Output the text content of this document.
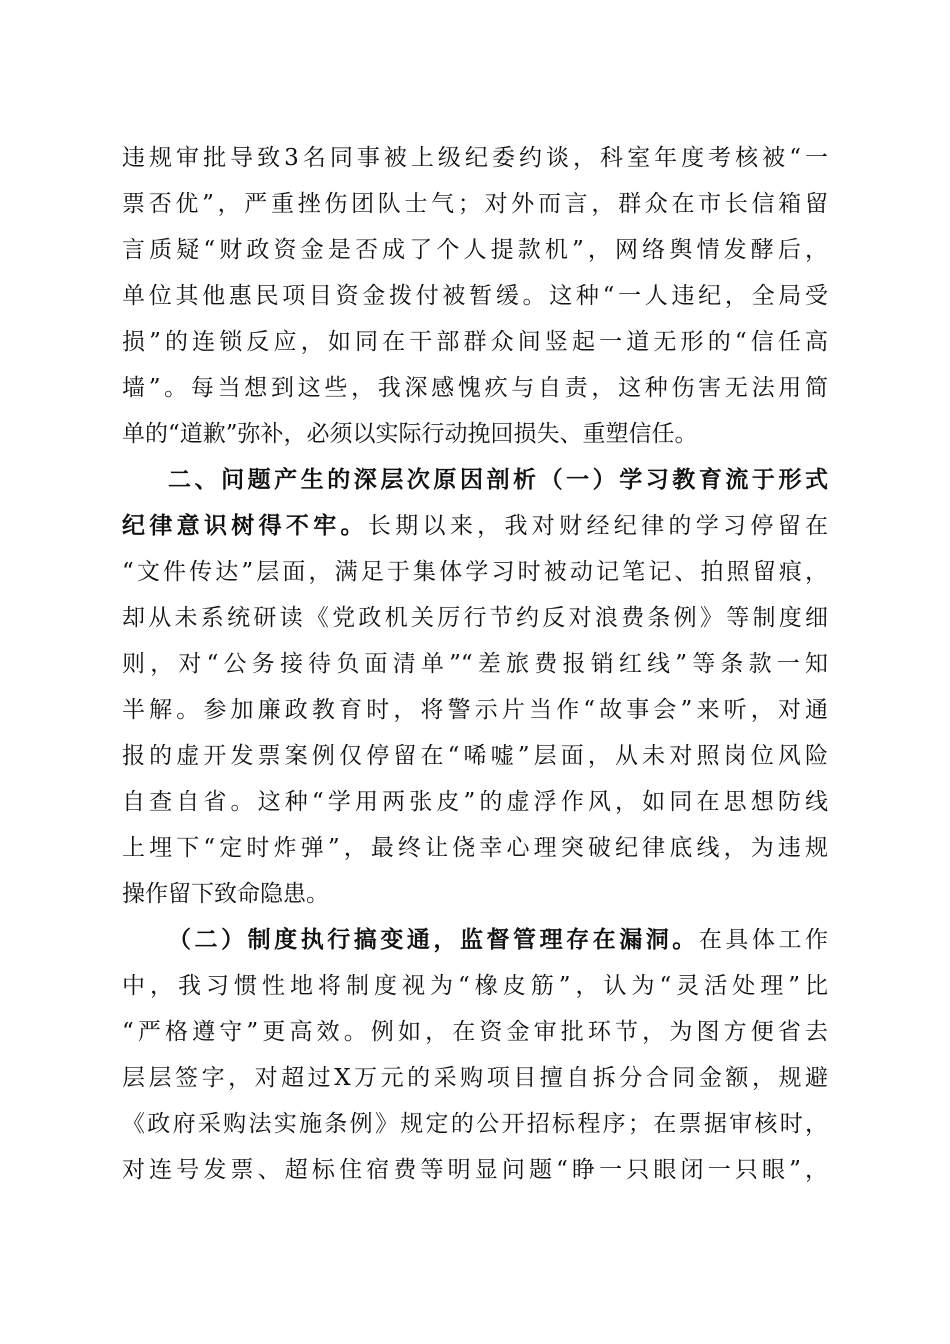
违规审批导致3名同事被上级纪委约谈，科室年度考核被“一
票否优”，严重挫伤团队士气；对外而言，群众在市长信箱留
言质疑“财政资金是否成了个人提款机”，网络舆情发酵后，
单位其他惠民项目资金拨付被暂缓。这种“一人违纪，全局受
损”的连锁反应，如同在干部群众间竖起一道无形的“信任高
墙”。每当想到这些，我深感愧疚与自责，这种伤害无法用简
单的“道歉”弥补，必须以实际行动挽回损失、重塑信任。
二、问题产生的深层次原因剖析（一）学习教育流于形式
纪律意识树得不牢。长期以来，我对财经纪律的学习停留在
“文件传达”层面，满足于集体学习时被动记笔记、拍照留痕，
却从未系统研读《党政机关厉行节约反对浪费条例》等制度细
则，对“公务接待负面清单”“差旅费报销红线”等条款一知
半解。参加廉政教育时，将警示片当作“故事会”来听，对通
报的虚开发票案例仅停留在“唏嘘”层面，从未对照岗位风险
自查自省。这种“学用两张皮”的虚浮作风，如同在思想防线
上埋下“定时炸弹”，最终让侥幸心理突破纪律底线，为违规
操作留下致命隐患。
（二）制度执行搞变通，监督管理存在漏洞。在具体工作
中，我习惯性地将制度视为“橡皮筋”，认为“灵活处理”比
“严格遵守”更高效。例如，在资金审批环节，为图方便省去
层层签字，对超过X万元的采购项目擅自拆分合同金额，规避
《政府采购法实施条例》规定的公开招标程序；在票据审核时，
对连号发票、超标住宿费等明显问题“睁一只眼闭一只眼”，
